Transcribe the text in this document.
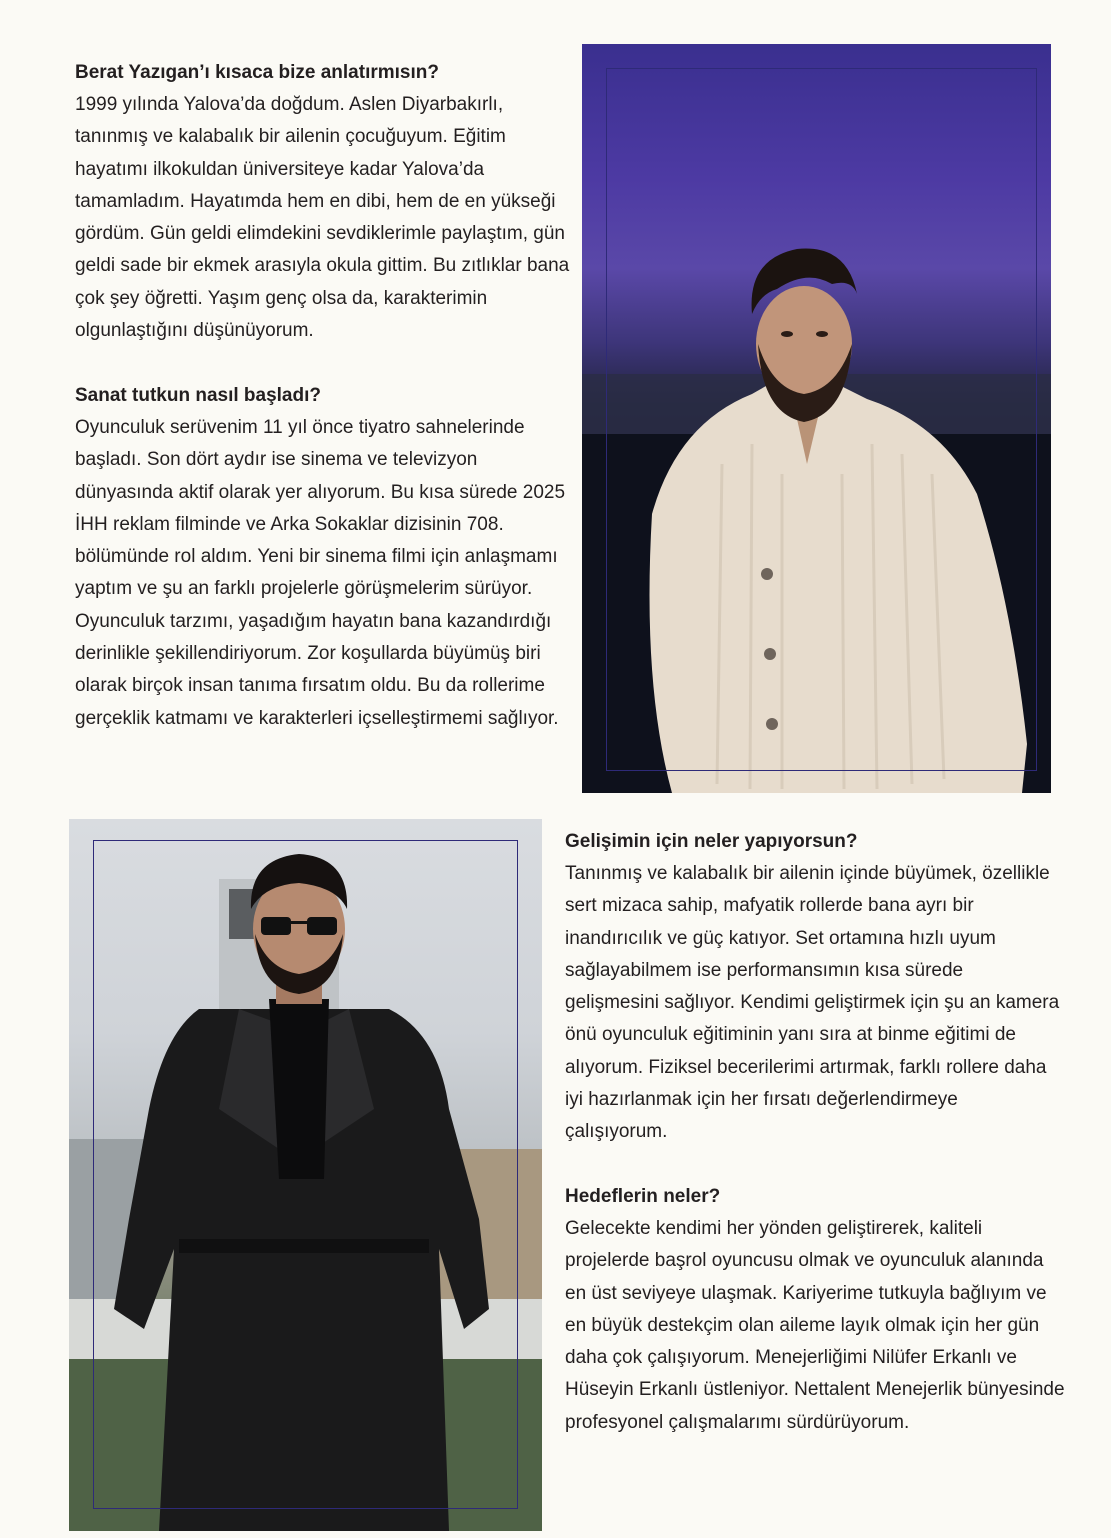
Berat Yazıgan’ı kısaca bize anlatırmısın?

1999 yılında Yalova’da doğdum. Aslen Diyarbakırlı, tanınmış ve kalabalık bir ailenin çocuğuyum. Eğitim hayatımı ilkokuldan üniversiteye kadar Yalova’da tamamladım. Hayatımda hem en dibi, hem de en yükseği gördüm. Gün geldi elimdekini sevdiklerimle paylaştım, gün geldi sade bir ekmek arasıyla okula gittim. Bu zıtlıklar bana çok şey öğretti. Yaşım genç olsa da, karakterimin olgunlaştığını düşünüyorum.

Sanat tutkun nasıl başladı?

Oyunculuk serüvenim 11 yıl önce tiyatro sahnelerinde başladı. Son dört aydır ise sinema ve televizyon dünyasında aktif olarak yer alıyorum. Bu kısa sürede 2025 İHH reklam filminde ve Arka Sokaklar dizisinin 708. bölümünde rol aldım. Yeni bir sinema filmi için anlaşmamı yaptım ve şu an farklı projelerle görüşmelerim sürüyor. Oyunculuk tarzımı, yaşadığım hayatın bana kazandırdığı derinlikle şekillendiriyorum. Zor koşullarda büyümüş biri olarak birçok insan tanıma fırsatım oldu. Bu da rollerime gerçeklik katmamı ve karakterleri içselleştirmemi sağlıyor.

Gelişimin için neler yapıyorsun?

Tanınmış ve kalabalık bir ailenin içinde büyümek, özellikle sert mizaca sahip, mafyatik rollerde bana ayrı bir inandırıcılık ve güç katıyor. Set ortamına hızlı uyum sağlayabilmem ise performansımın kısa sürede gelişmesini sağlıyor. Kendimi geliştirmek için şu an kamera önü oyunculuk eğitiminin yanı sıra at binme eğitimi de alıyorum. Fiziksel becerilerimi artırmak, farklı rollere daha iyi hazırlanmak için her fırsatı değerlendirmeye çalışıyorum.

Hedeflerin neler?

Gelecekte kendimi her yönden geliştirerek, kaliteli projelerde başrol oyuncusu olmak ve oyunculuk alanında en üst seviyeye ulaşmak. Kariyerime tutkuyla bağlıyım ve en büyük destekçim olan aileme layık olmak için her gün daha çok çalışıyorum. Menejerliğimi Nilüfer Erkanlı ve Hüseyin Erkanlı üstleniyor. Nettalent Menejerlik bünyesinde profesyonel çalışmalarımı sürdürüyorum.
